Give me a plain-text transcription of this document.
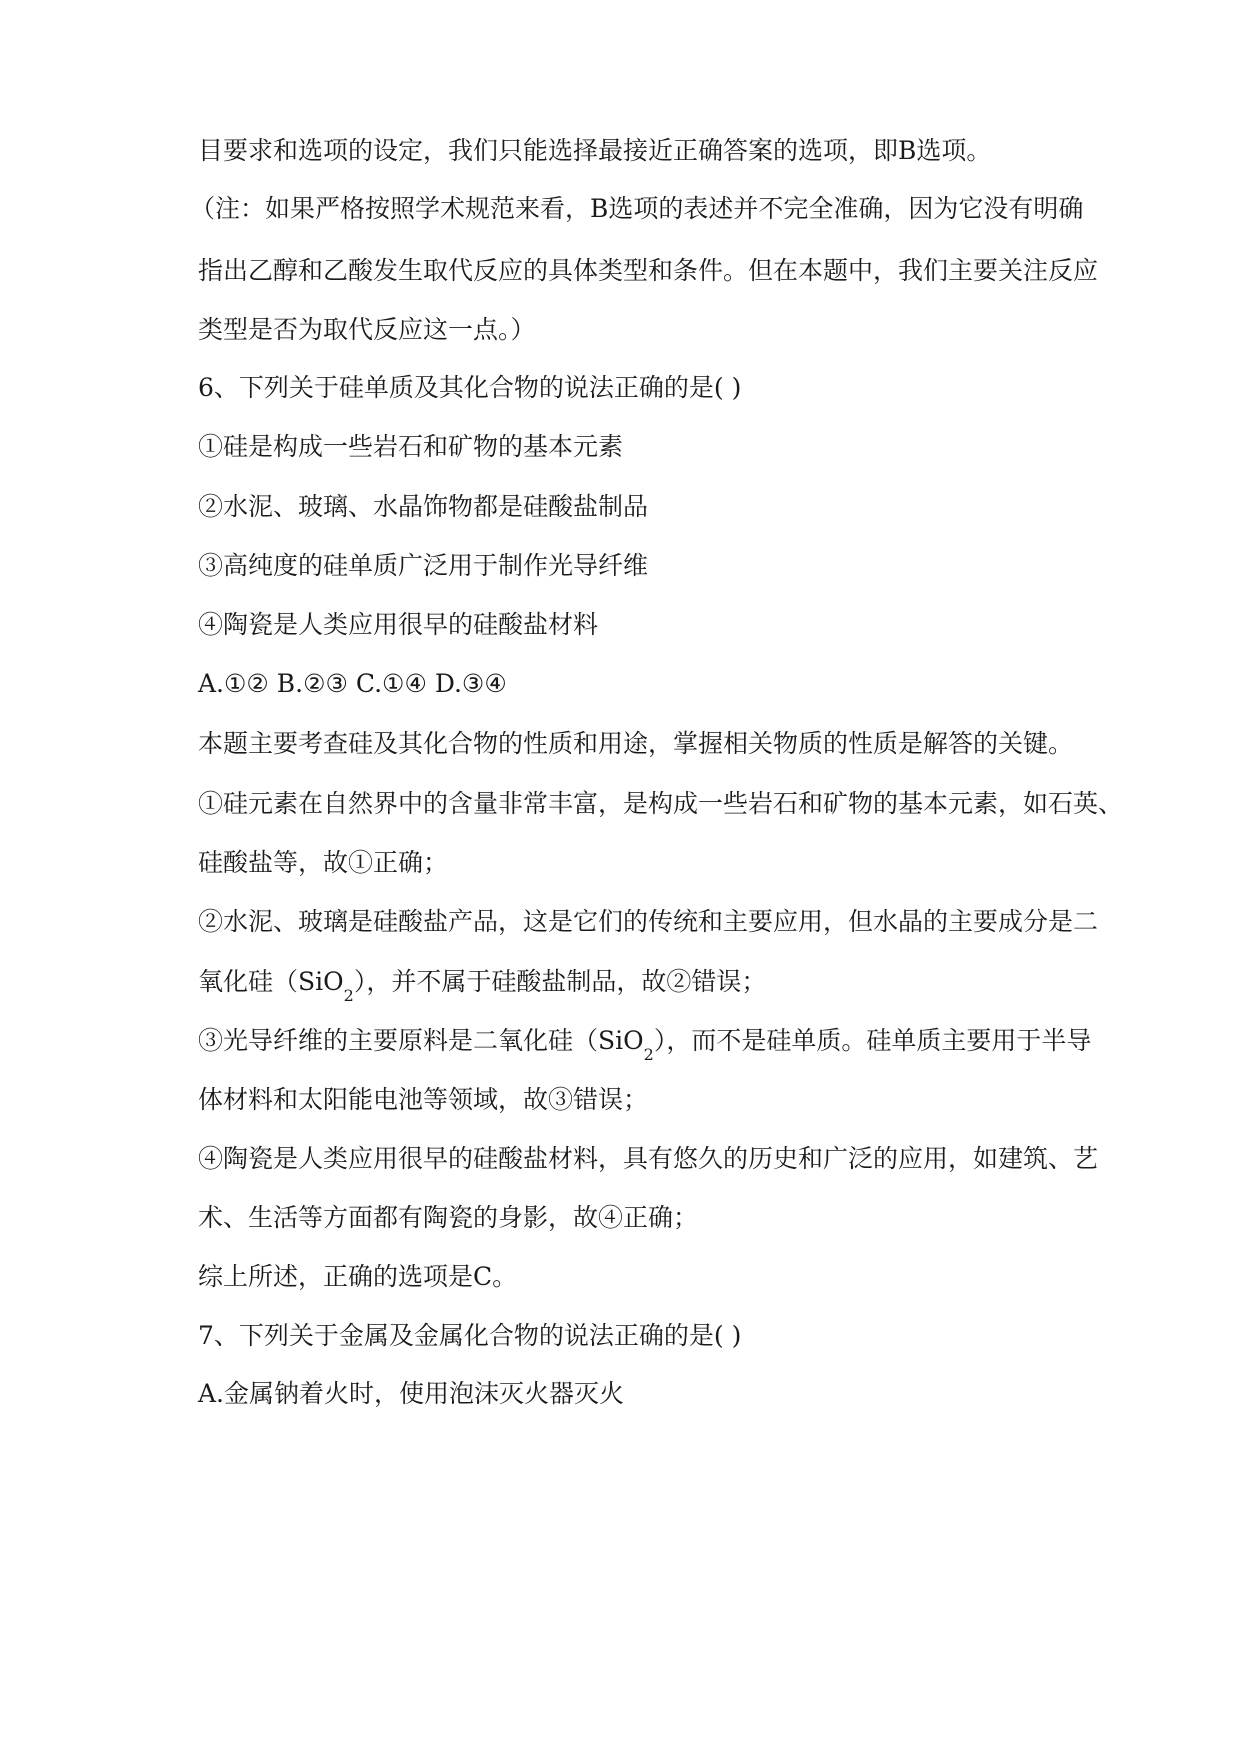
目要求和选项的设定，我们只能选择最接近正确答案的选项，即B选项。
（注：如果严格按照学术规范来看，B选项的表述并不完全准确，因为它没有明确
指出乙醇和乙酸发生取代反应的具体类型和条件。但在本题中，我们主要关注反应
类型是否为取代反应这一点。）
6、下列关于硅单质及其化合物的说法正确的是( )
①硅是构成一些岩石和矿物的基本元素
②水泥、玻璃、水晶饰物都是硅酸盐制品
③高纯度的硅单质广泛用于制作光导纤维
④陶瓷是人类应用很早的硅酸盐材料
A.①② B.②③ C.①④ D.③④
本题主要考查硅及其化合物的性质和用途，掌握相关物质的性质是解答的关键。
①硅元素在自然界中的含量非常丰富，是构成一些岩石和矿物的基本元素，如石英、
硅酸盐等，故①正确；
②水泥、玻璃是硅酸盐产品，这是它们的传统和主要应用，但水晶的主要成分是二
氧化硅（SiO$_2$），并不属于硅酸盐制品，故②错误；
③光导纤维的主要原料是二氧化硅（SiO$_2$），而不是硅单质。硅单质主要用于半导
体材料和太阳能电池等领域，故③错误；
④陶瓷是人类应用很早的硅酸盐材料，具有悠久的历史和广泛的应用，如建筑、艺
术、生活等方面都有陶瓷的身影，故④正确；
综上所述，正确的选项是C。
7、下列关于金属及金属化合物的说法正确的是( )
A.金属钠着火时，使用泡沫灭火器灭火
